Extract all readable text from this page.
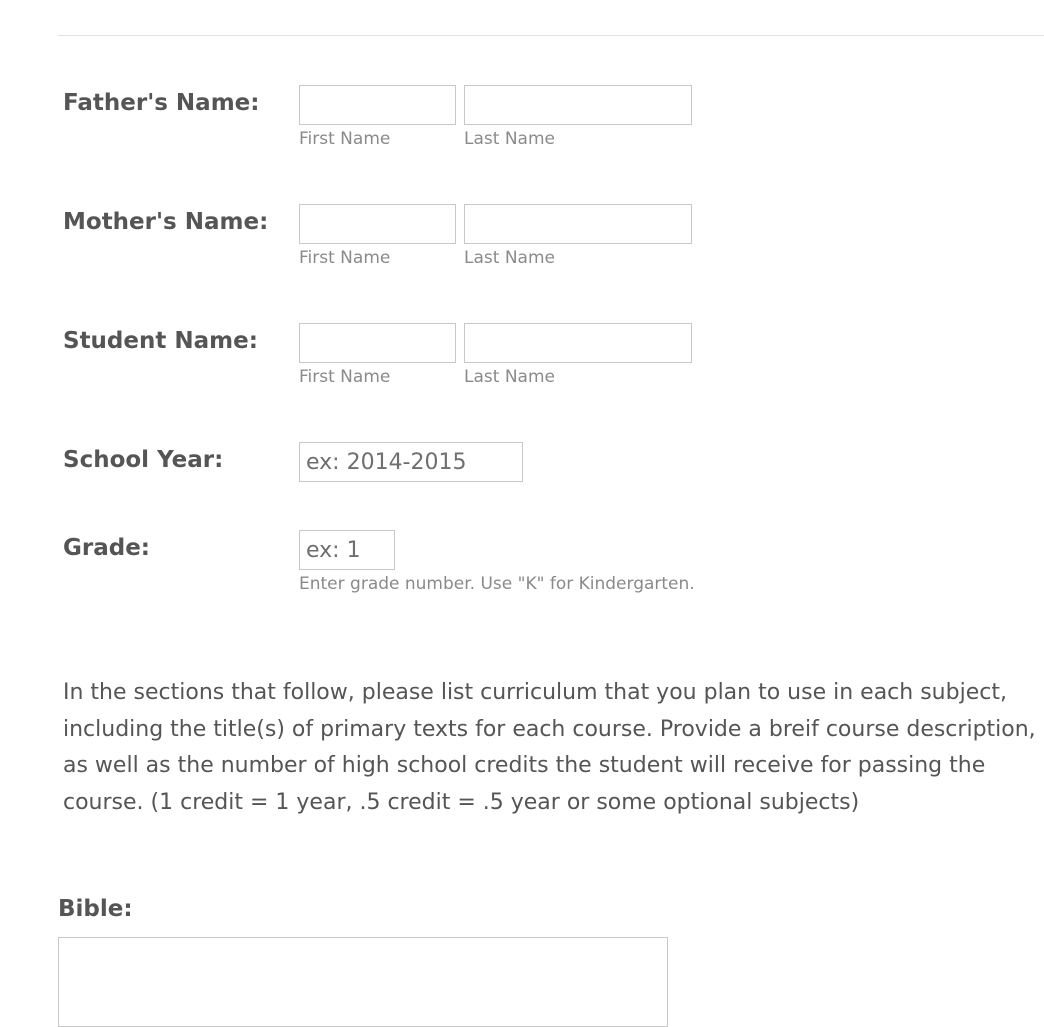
Father's Name:
First Name	Last Name
Mother's Name:
First Name	Last Name
Student Name:
First Name	Last Name
School Year:
ex: 2014-2015
Grade:
ex: 1
Enter grade number. Use "K" for Kindergarten.
In the sections that follow, please list curriculum that you plan to use in each subject, including the title(s) of primary texts for each course. Provide a breif course description, as well as the number of high school credits the student will receive for passing the course. (1 credit = 1 year, .5 credit = .5 year or some optional subjects)
Bible:
